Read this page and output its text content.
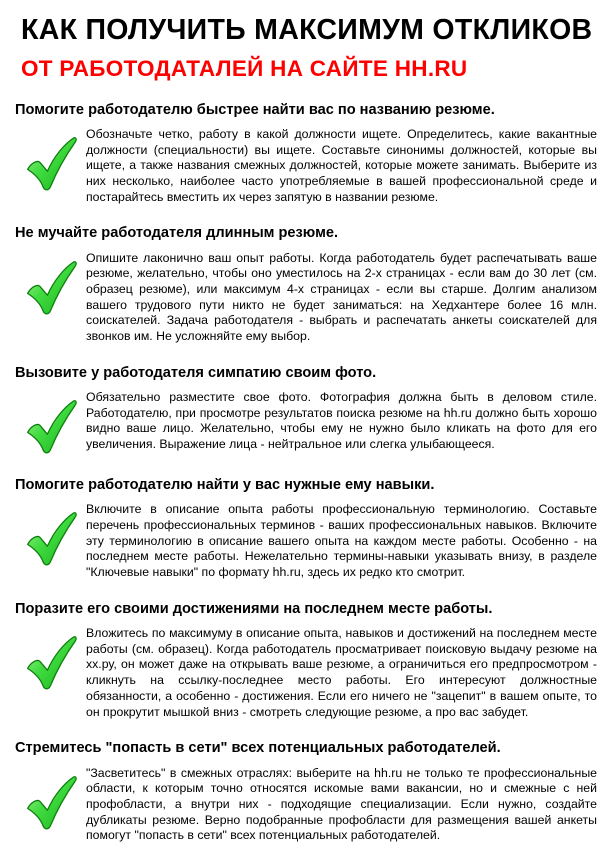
КАК ПОЛУЧИТЬ МАКСИМУМ ОТКЛИКОВ
ОТ РАБОТОДАТАЛЕЙ НА САЙТЕ HH.RU
Помогите работодателю быстрее найти вас по названию резюме.

Обозначьте четко, работу в какой должности ищете. Определитесь, какие вакантные должности (специальности) вы ищете. Составьте синонимы должностей, которые вы ищете, а также названия смежных должностей, которые можете занимать. Выберите из них несколько, наиболее часто употребляемые в вашей профессиональной среде и постарайтесь вместить их через запятую в названии резюме.

Не мучайте работодателя длинным резюме.

Опишите лаконично ваш опыт работы. Когда работодатель будет распечатывать ваше резюме, желательно, чтобы оно уместилось на 2-х страницах - если вам до 30 лет (см. образец резюме), или максимум 4-х страницах - если вы старше. Долгим анализом вашего трудового пути никто не будет заниматься: на Хедхантере более 16 млн. соискателей. Задача работодателя - выбрать и распечатать анкеты соискателей для звонков им. Не усложняйте ему выбор.

Вызовите у работодателя симпатию своим фото.

Обязательно разместите свое фото. Фотография должна быть в деловом стиле. Работодателю, при просмотре результатов поиска резюме на hh.ru должно быть хорошо видно ваше лицо. Желательно, чтобы ему не нужно было кликать на фото для его увеличения. Выражение лица - нейтральное или слегка улыбающееся.

Помогите работодателю найти у вас нужные ему навыки.

Включите в описание опыта работы профессиональную терминологию. Составьте перечень профессиональных терминов - ваших профессиональных навыков. Включите эту терминологию в описание вашего опыта на каждом месте работы. Особенно - на последнем месте работы. Нежелательно термины-навыки указывать внизу, в разделе "Ключевые навыки" по формату hh.ru, здесь их редко кто смотрит.

Поразите его своими достижениями на последнем месте работы.

Вложитесь по максимуму в описание опыта, навыков и достижений на последнем месте работы (см. образец). Когда работодатель просматривает поисковую выдачу резюме на хх.ру, он может даже на открывать ваше резюме, а ограничиться его предпросмотром - кликнуть на ссылку-последнее место работы. Его интересуют должностные обязанности, а особенно - достижения. Если его ничего не "зацепит" в вашем опыте, то он прокрутит мышкой вниз - смотреть следующие резюме, а про вас забудет.

Стремитесь "попасть в сети" всех потенциальных работодателей.

"Засветитесь" в смежных отраслях: выберите на hh.ru не только те профессиональные области, к которым точно относятся искомые вами вакансии, но и смежные с ней профобласти, а внутри них - подходящие специализации. Если нужно, создайте дубликаты резюме. Верно подобранные профобласти для размещения вашей анкеты помогут "попасть в сети" всех потенциальных работодателей.
